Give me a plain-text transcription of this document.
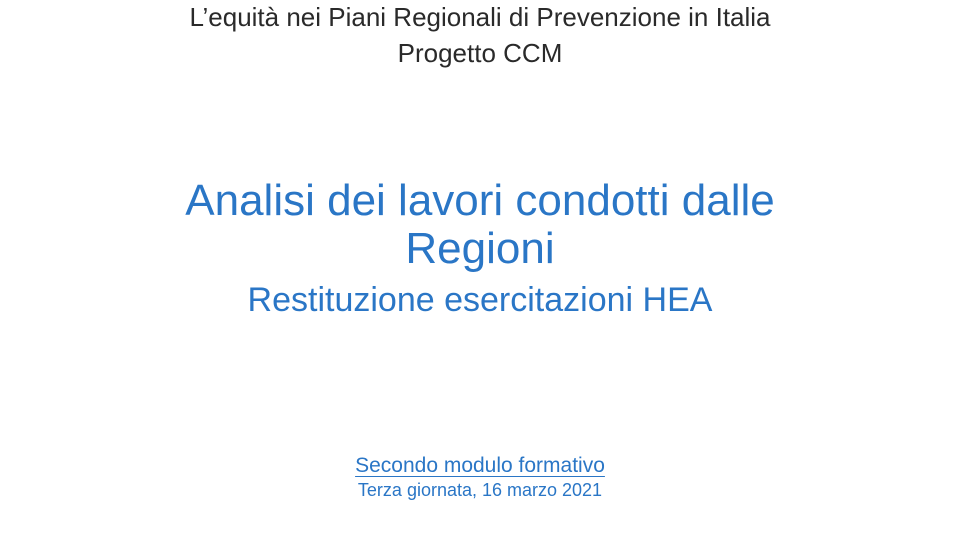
L’equità nei Piani Regionali di Prevenzione in Italia
Progetto CCM
Analisi dei lavori condotti dalle
Regioni
Restituzione esercitazioni HEA
Secondo modulo formativo
Terza giornata, 16 marzo 2021
